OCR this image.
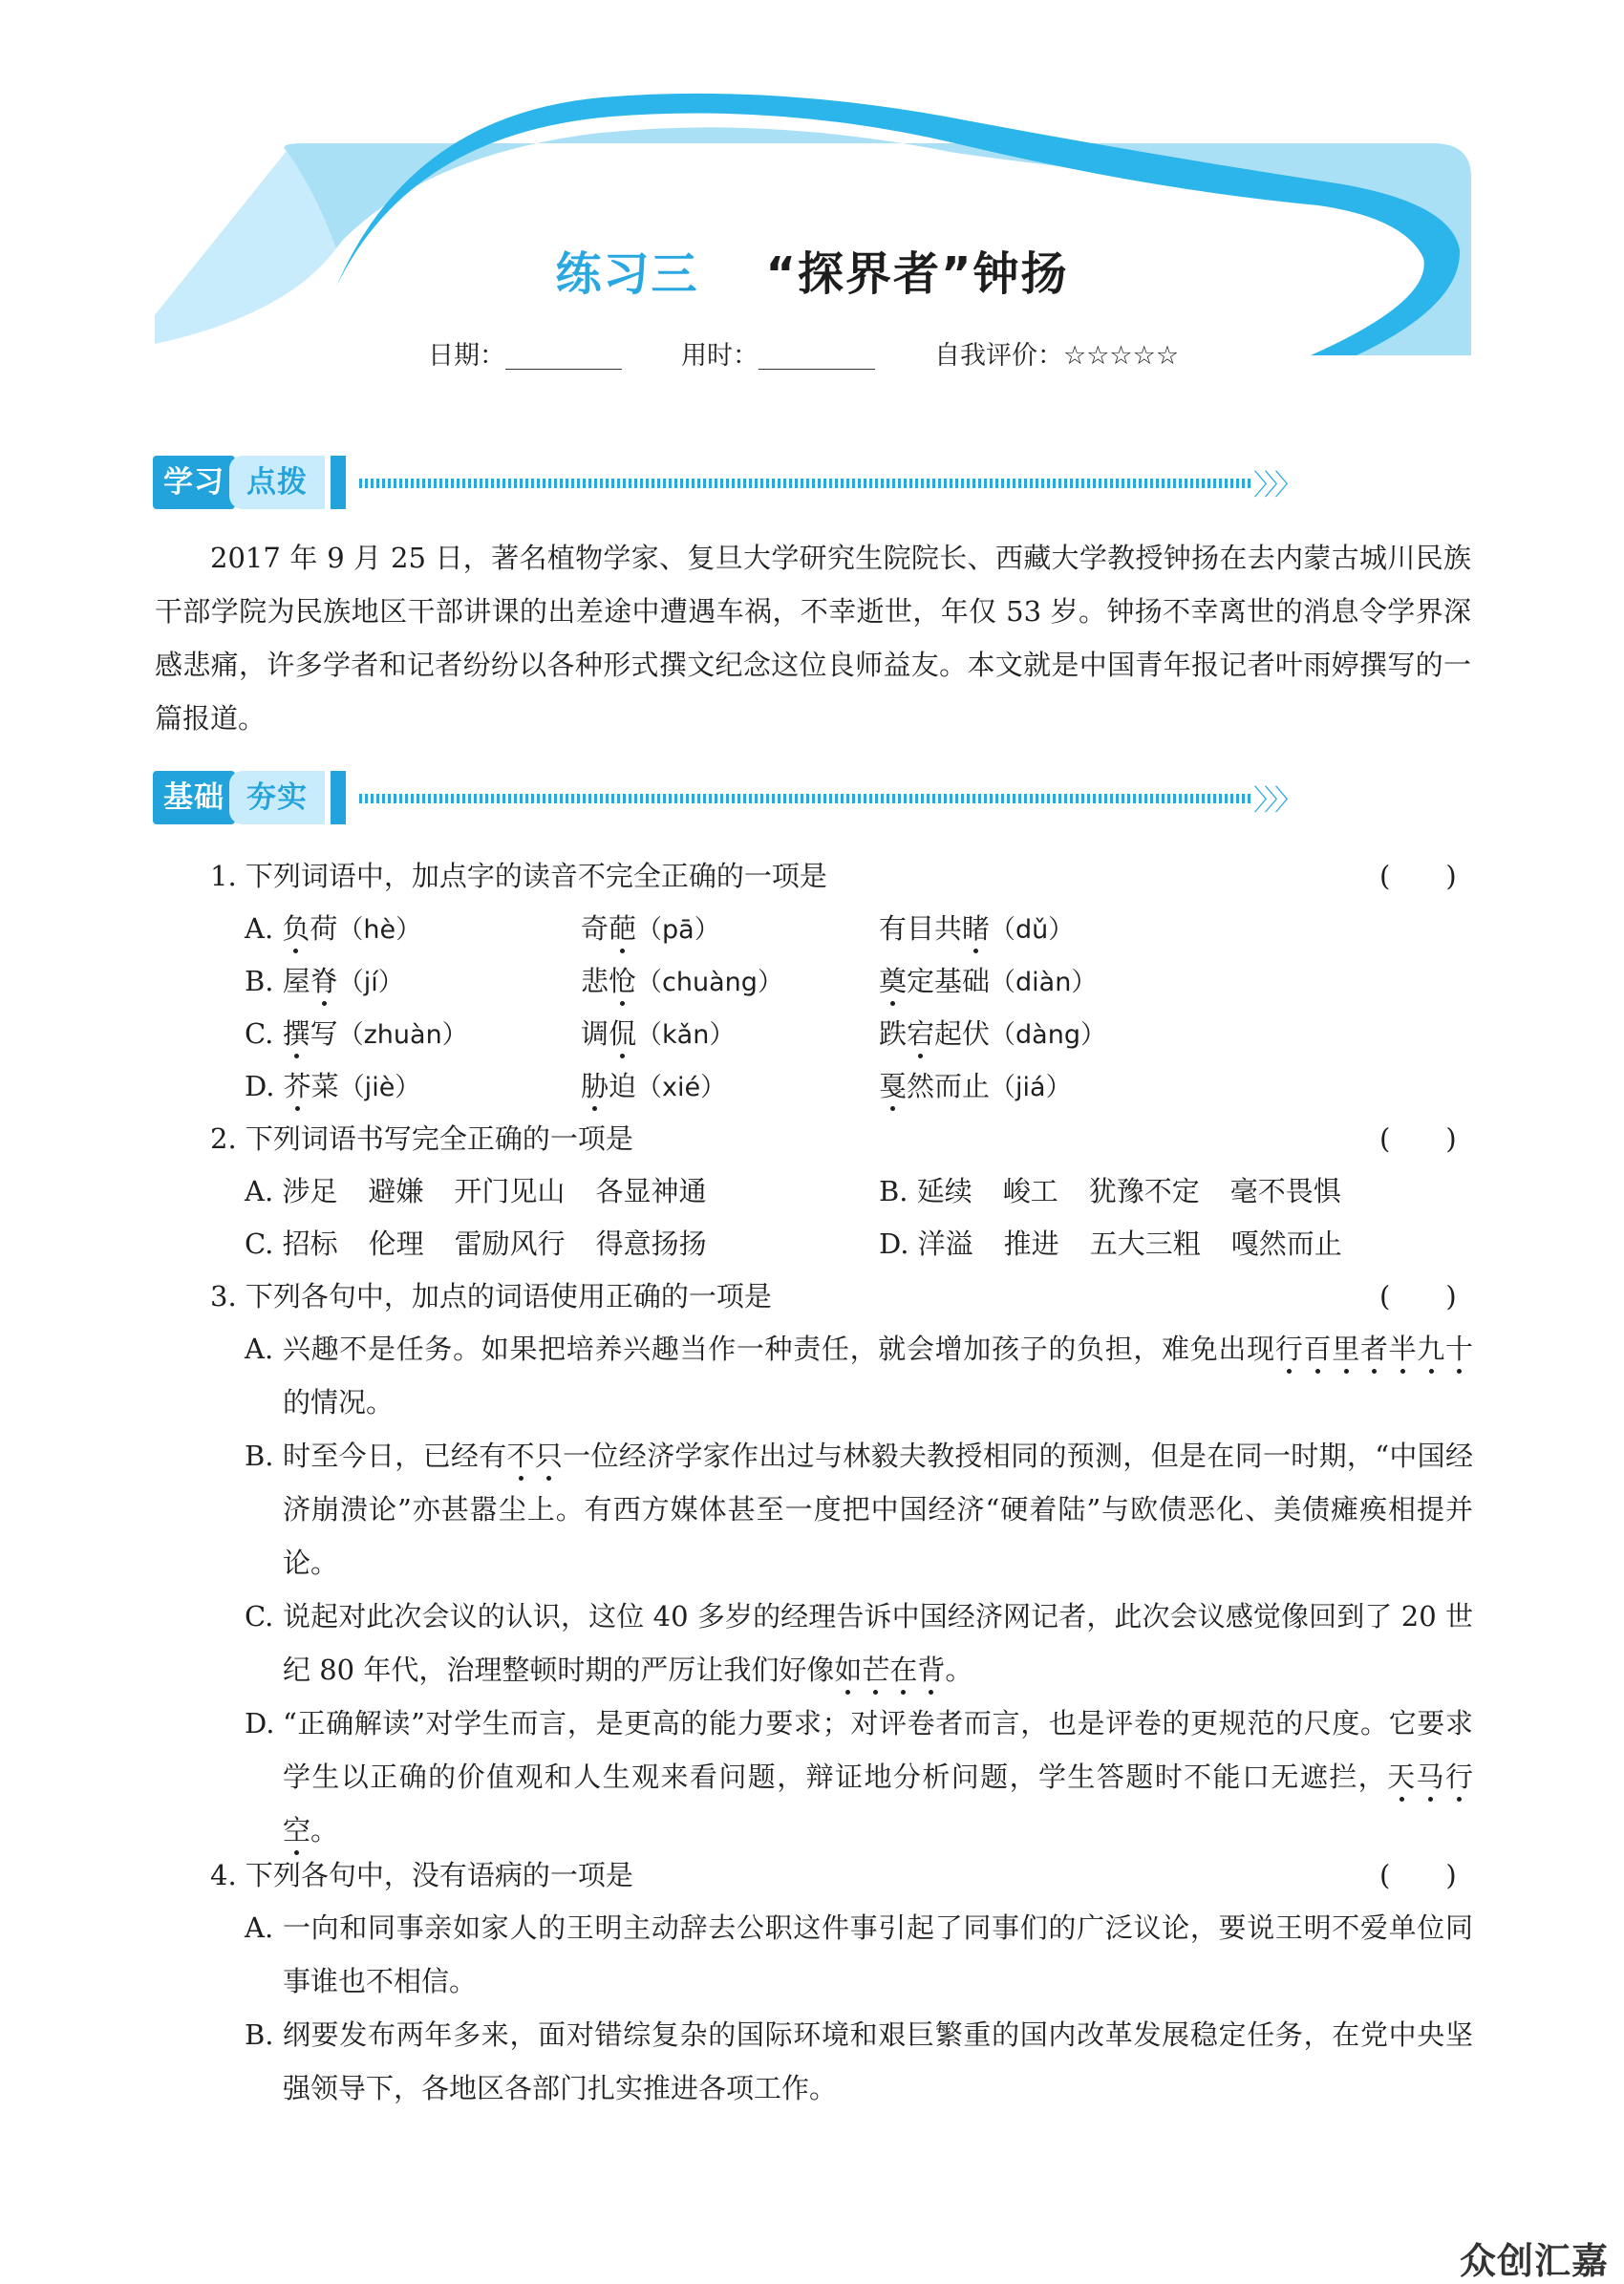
练习三 “探界者”钟扬
日期：	用时：	自我评价：☆☆☆☆☆
学习 点拨	〉〉〉
2017 年 9 月 25 日，著名植物学家、复旦大学研究生院院长、西藏大学教授钟扬在去内蒙古城川民族干部学院为民族地区干部讲课的出差途中遭遇车祸，不幸逝世，年仅 53 岁。钟扬不幸离世的消息令学界深感悲痛，许多学者和记者纷纷以各种形式撰文纪念这位良师益友。本文就是中国青年报记者叶雨婷撰写的一篇报道。
基础 夯实	〉〉〉
1. 下列词语中，加点字的读音不完全正确的一项是	(　　)
A. 负荷（hè）	奇葩（pā）	有目共睹（dǔ）
B. 屋脊（jí）	悲怆（chuàng）	奠定基础（diàn）
C. 撰写（zhuàn）	调侃（kǎn）	跌宕起伏（dàng）
D. 芥菜（jiè）	胁迫（xié）	戛然而止（jiá）
2. 下列词语书写完全正确的一项是	(　　)
A. 涉足 避嫌 开门见山 各显神通	B. 延续 峻工 犹豫不定 毫不畏惧
C. 招标 伦理 雷励风行 得意扬扬	D. 洋溢 推进 五大三粗 嘎然而止
3. 下列各句中，加点的词语使用正确的一项是	(　　)
A. 兴趣不是任务。如果把培养兴趣当作一种责任，就会增加孩子的负担，难免出现行百里者半九十的情况。
B. 时至今日，已经有不只一位经济学家作出过与林毅夫教授相同的预测，但是在同一时期，“中国经济崩溃论”亦甚嚣尘上。有西方媒体甚至一度把中国经济“硬着陆”与欧债恶化、美债瘫痪相提并论。
C. 说起对此次会议的认识，这位 40 多岁的经理告诉中国经济网记者，此次会议感觉像回到了 20 世纪 80 年代，治理整顿时期的严厉让我们好像如芒在背。
D. “正确解读”对学生而言，是更高的能力要求；对评卷者而言，也是评卷的更规范的尺度。它要求学生以正确的价值观和人生观来看问题，辩证地分析问题，学生答题时不能口无遮拦，天马行空。
4. 下列各句中，没有语病的一项是	(　　)
A. 一向和同事亲如家人的王明主动辞去公职这件事引起了同事们的广泛议论，要说王明不爱单位同事谁也不相信。
B. 纲要发布两年多来，面对错综复杂的国际环境和艰巨繁重的国内改革发展稳定任务，在党中央坚强领导下，各地区各部门扎实推进各项工作。
众创汇嘉
